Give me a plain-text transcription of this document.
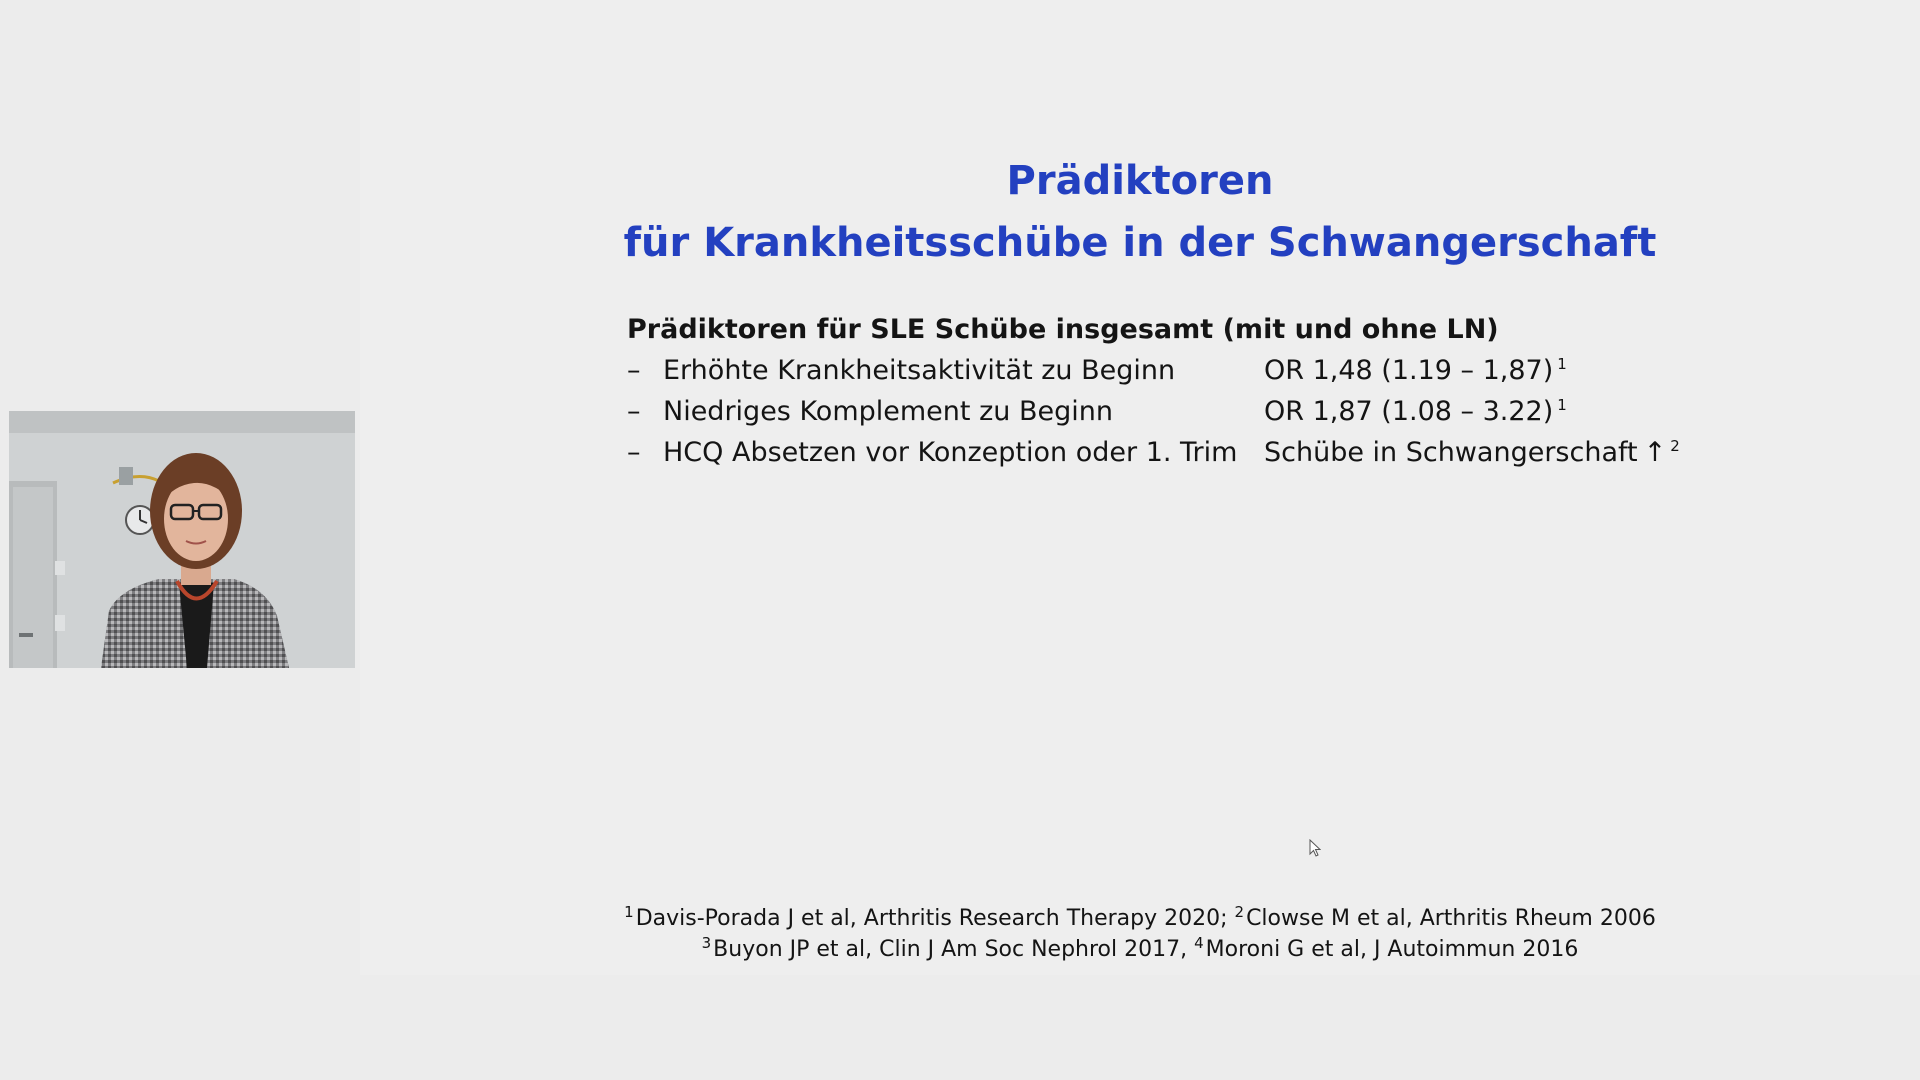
Prädiktoren
für Krankheitsschübe in der Schwangerschaft
Prädiktoren für SLE Schübe insgesamt (mit und ohne LN)
– Erhöhte Krankheitsaktivität zu Beginn	OR 1,48 (1.19 – 1,87) $^1$
– Niedriges Komplement zu Beginn	OR 1,87 (1.08 – 3.22) $^1$
– HCQ Absetzen vor Konzeption oder 1. Trim Schübe in Schwangerschaft ↑ $^2$
$^1$Davis-Porada J et al, Arthritis Research Therapy 2020; $^2$Clowse M et al, Arthritis Rheum 2006
$^3$Buyon JP et al, Clin J Am Soc Nephrol 2017, $^4$Moroni G et al, J Autoimmun 2016
